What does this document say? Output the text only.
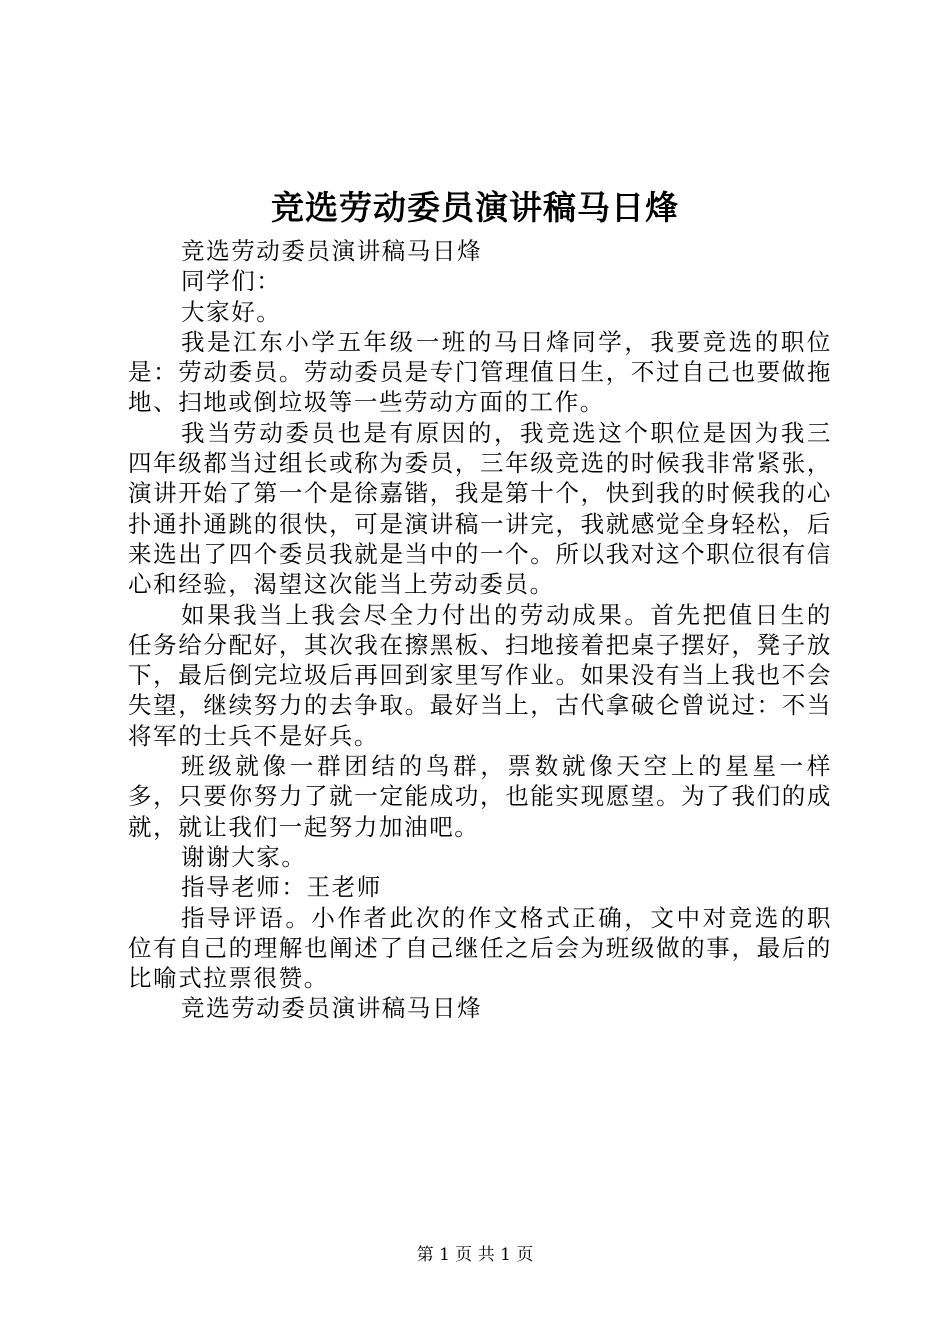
竞选劳动委员演讲稿马日烽

竞选劳动委员演讲稿马日烽

同学们：

大家好。

我是江东小学五年级一班的马日烽同学，我要竞选的职位是：劳动委员。劳动委员是专门管理值日生，不过自己也要做拖地、扫地或倒垃圾等一些劳动方面的工作。

我当劳动委员也是有原因的，我竞选这个职位是因为我三四年级都当过组长或称为委员，三年级竞选的时候我非常紧张，演讲开始了第一个是徐嘉锴，我是第十个，快到我的时候我的心扑通扑通跳的很快，可是演讲稿一讲完，我就感觉全身轻松，后来选出了四个委员我就是当中的一个。所以我对这个职位很有信心和经验，渴望这次能当上劳动委员。

如果我当上我会尽全力付出的劳动成果。首先把值日生的任务给分配好，其次我在擦黑板、扫地接着把桌子摆好，凳子放下，最后倒完垃圾后再回到家里写作业。如果没有当上我也不会失望，继续努力的去争取。最好当上，古代拿破仑曾说过：不当将军的士兵不是好兵。

班级就像一群团结的鸟群，票数就像天空上的星星一样多，只要你努力了就一定能成功，也能实现愿望。为了我们的成就，就让我们一起努力加油吧。

谢谢大家。

指导老师：王老师

指导评语。小作者此次的作文格式正确，文中对竞选的职位有自己的理解也阐述了自己继任之后会为班级做的事，最后的比喻式拉票很赞。

竞选劳动委员演讲稿马日烽

第 1 页 共 1 页
